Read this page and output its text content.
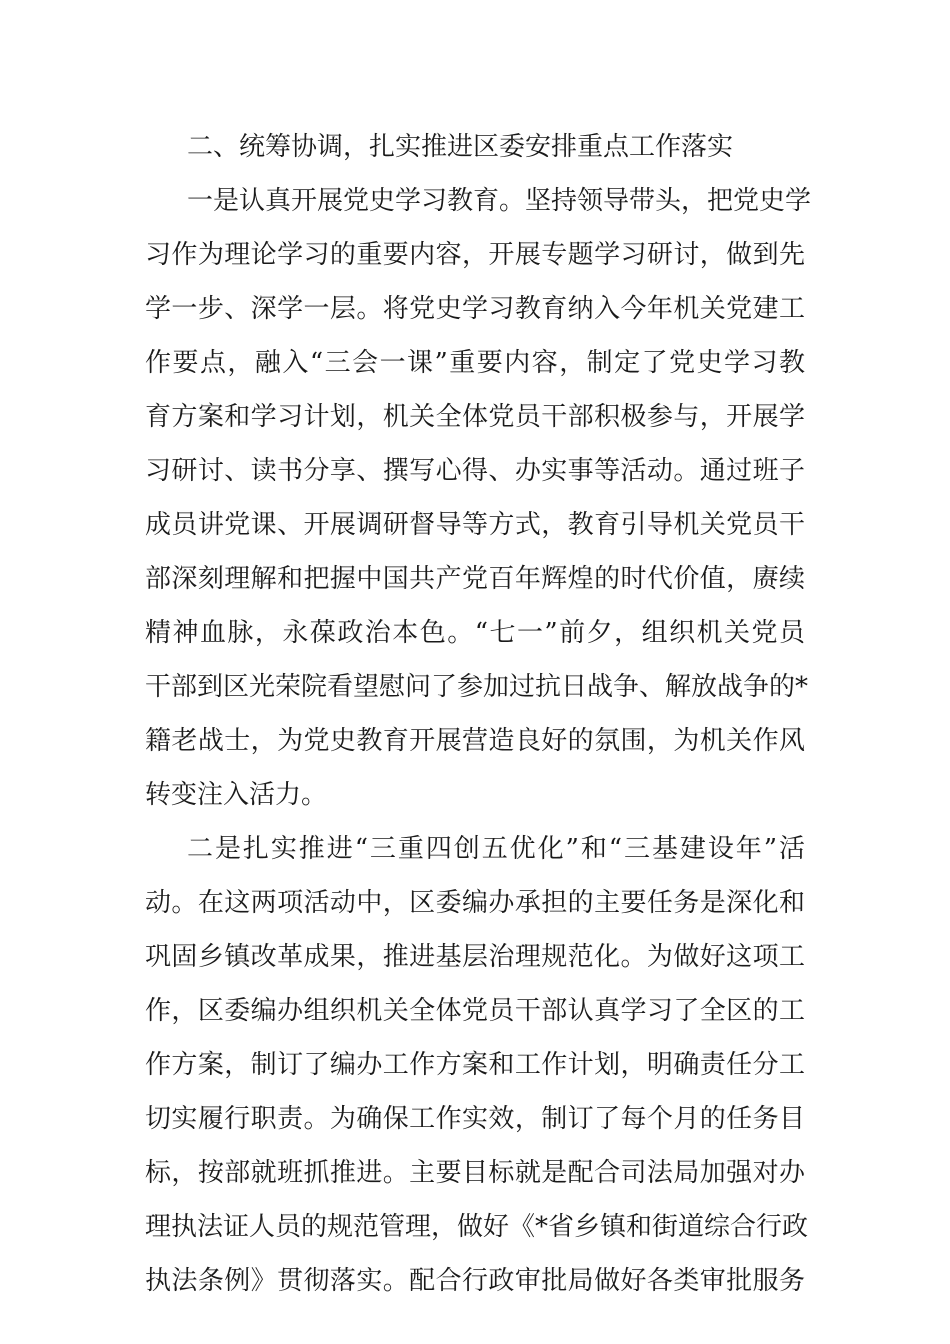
二、统筹协调，扎实推进区委安排重点工作落实
一是认真开展党史学习教育。坚持领导带头，把党史学
习作为理论学习的重要内容，开展专题学习研讨，做到先
学一步、深学一层。将党史学习教育纳入今年机关党建工
作要点，融入“三会一课”重要内容，制定了党史学习教
育方案和学习计划，机关全体党员干部积极参与，开展学
习研讨、读书分享、撰写心得、办实事等活动。通过班子
成员讲党课、开展调研督导等方式，教育引导机关党员干
部深刻理解和把握中国共产党百年辉煌的时代价值，赓续
精神血脉，永葆政治本色。“七一”前夕，组织机关党员
干部到区光荣院看望慰问了参加过抗日战争、解放战争的*
籍老战士，为党史教育开展营造良好的氛围，为机关作风
转变注入活力。
二是扎实推进“三重四创五优化”和“三基建设年”活
动。在这两项活动中，区委编办承担的主要任务是深化和
巩固乡镇改革成果，推进基层治理规范化。为做好这项工
作，区委编办组织机关全体党员干部认真学习了全区的工
作方案，制订了编办工作方案和工作计划，明确责任分工
切实履行职责。为确保工作实效，制订了每个月的任务目
标，按部就班抓推进。主要目标就是配合司法局加强对办
理执法证人员的规范管理，做好《*省乡镇和街道综合行政
执法条例》贯彻落实。配合行政审批局做好各类审批服务
